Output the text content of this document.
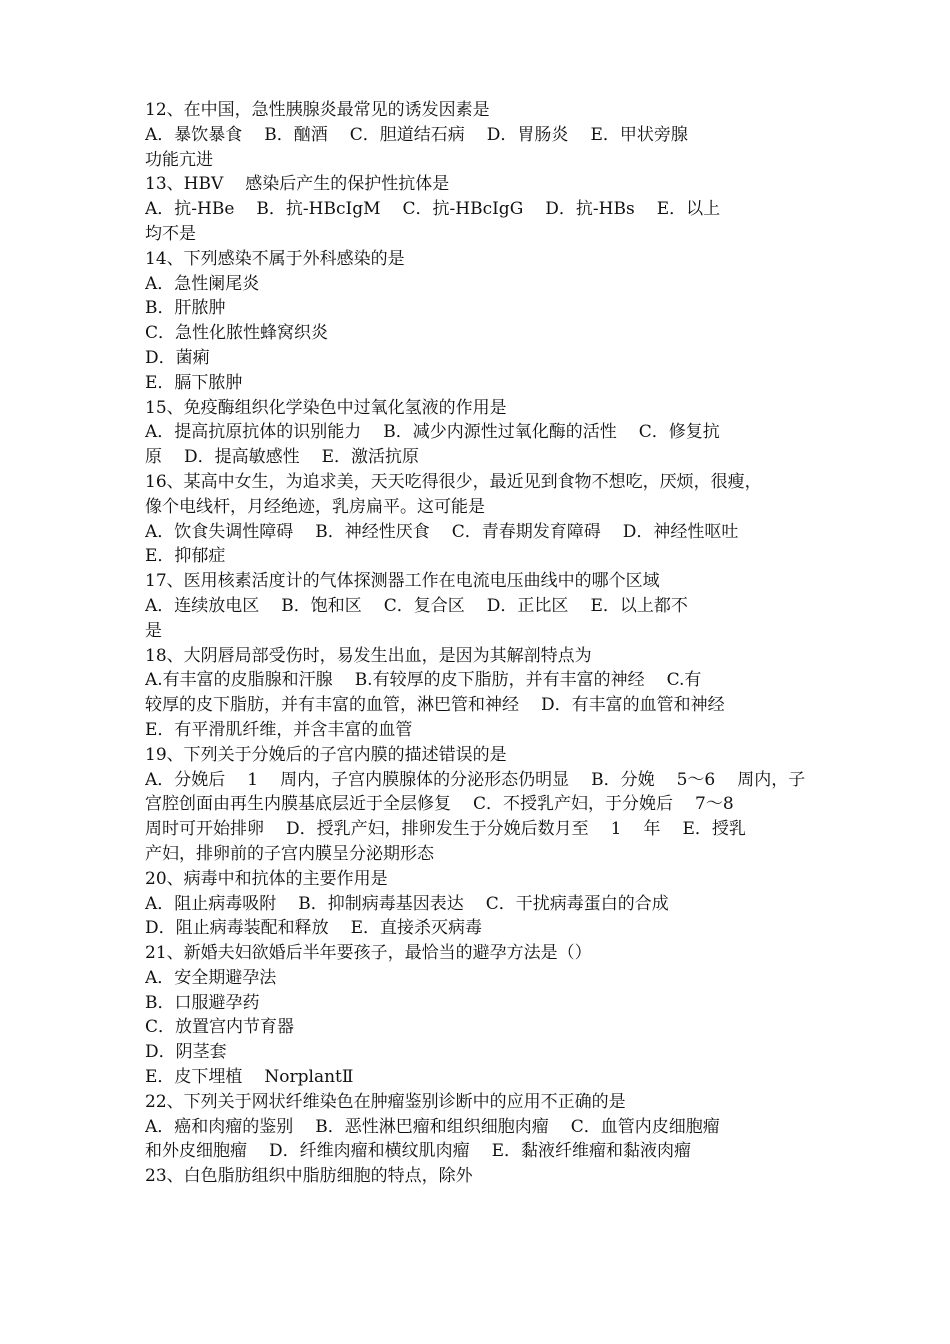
12、在中国，急性胰腺炎最常见的诱发因素是
A．暴饮暴食 B．酗酒 C．胆道结石病 D．胃肠炎 E．甲状旁腺
功能亢进
13、HBV 感染后产生的保护性抗体是
A．抗-HBe B．抗-HBcIgM C．抗-HBcIgG D．抗-HBs E．以上
均不是
14、下列感染不属于外科感染的是
A．急性阑尾炎
B．肝脓肿
C．急性化脓性蜂窝织炎
D．菌痢
E．膈下脓肿
15、免疫酶组织化学染色中过氧化氢液的作用是
A．提高抗原抗体的识别能力 B．减少内源性过氧化酶的活性 C．修复抗
原 D．提高敏感性 E．激活抗原
16、某高中女生，为追求美，天天吃得很少，最近见到食物不想吃，厌烦，很瘦，
像个电线杆，月经绝迹，乳房扁平。这可能是
A．饮食失调性障碍 B．神经性厌食 C．青春期发育障碍 D．神经性呕吐
E．抑郁症
17、医用核素活度计的气体探测器工作在电流电压曲线中的哪个区域
A．连续放电区 B．饱和区 C．复合区 D．正比区 E．以上都不
是
18、大阴唇局部受伤时，易发生出血，是因为其解剖特点为
A.有丰富的皮脂腺和汗腺 B.有较厚的皮下脂肪，并有丰富的神经 C.有
较厚的皮下脂肪，并有丰富的血管，淋巴管和神经 D．有丰富的血管和神经
E．有平滑肌纤维，并含丰富的血管
19、下列关于分娩后的子宫内膜的描述错误的是
A．分娩后 1 周内，子宫内膜腺体的分泌形态仍明显 B．分娩 5～6 周内，子
宫腔创面由再生内膜基底层近于全层修复 C．不授乳产妇，于分娩后 7～8
周时可开始排卵 D．授乳产妇，排卵发生于分娩后数月至 1 年 E．授乳
产妇，排卵前的子宫内膜呈分泌期形态
20、病毒中和抗体的主要作用是
A．阻止病毒吸附 B．抑制病毒基因表达 C．干扰病毒蛋白的合成
D．阻止病毒装配和释放 E．直接杀灭病毒
21、新婚夫妇欲婚后半年要孩子，最恰当的避孕方法是（）
A．安全期避孕法
B．口服避孕药
C．放置宫内节育器
D．阴茎套
E．皮下埋植 NorplantⅡ
22、下列关于网状纤维染色在肿瘤鉴别诊断中的应用不正确的是
A．癌和肉瘤的鉴别 B．恶性淋巴瘤和组织细胞肉瘤 C．血管内皮细胞瘤
和外皮细胞瘤 D．纤维肉瘤和横纹肌肉瘤 E．黏液纤维瘤和黏液肉瘤
23、白色脂肪组织中脂肪细胞的特点，除外
